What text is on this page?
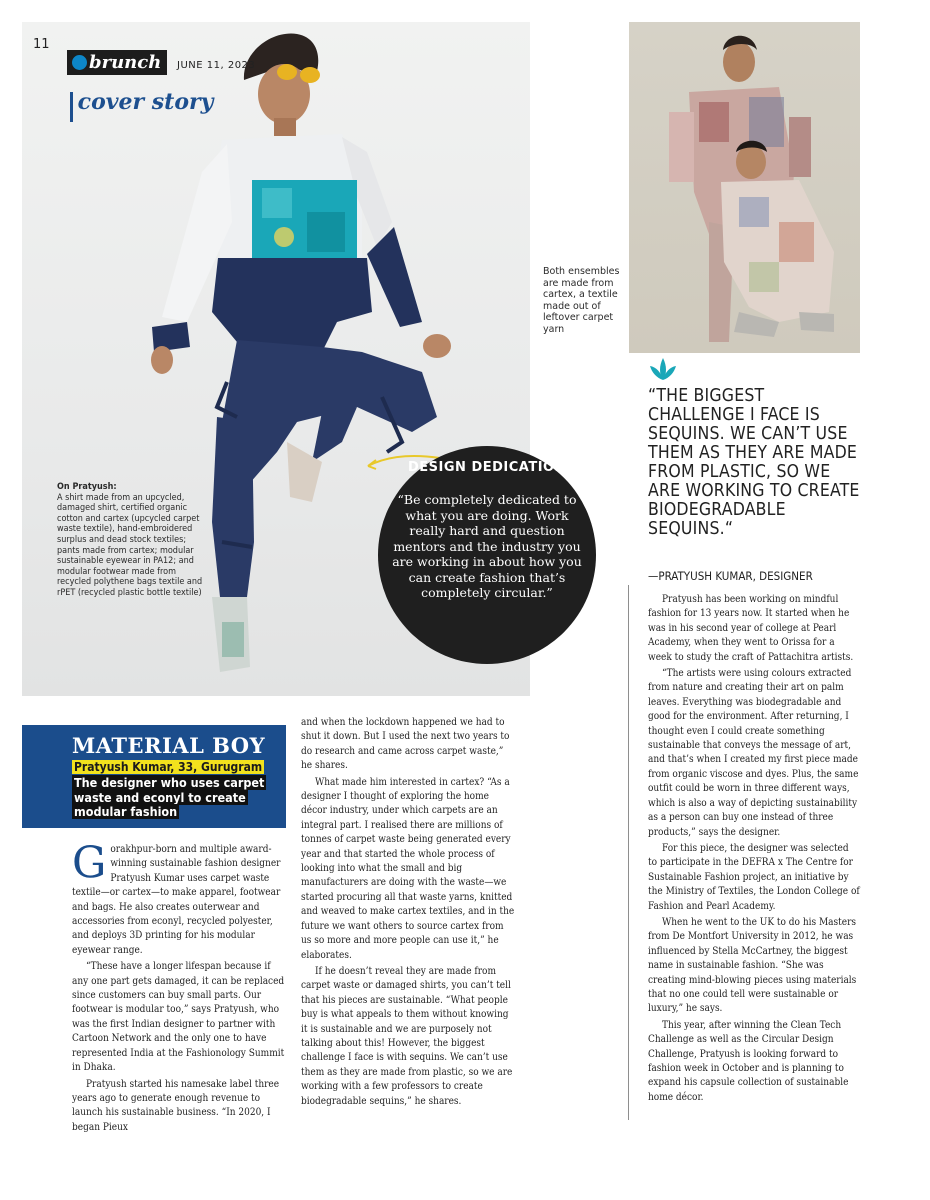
11
brunch JUNE 11, 2023
cover story
On Pratyush:
A shirt made from an upcycled, damaged shirt, certified organic cotton and cartex (upcycled carpet waste textile), hand-embroidered surplus and dead stock textiles; pants made from cartex; modular sustainable eyewear in PA12; and modular footwear made from recycled polythene bags textile and rPET (recycled plastic bottle textile)
DESIGN DEDICATION
“Be completely dedicated to what you are doing. Work really hard and question mentors and the industry you are working in about how you can create fashion that’s completely circular.”
Both ensembles are made from cartex, a textile made out of leftover carpet yarn
“THE BIGGEST CHALLENGE I FACE IS SEQUINS. WE CAN’T USE THEM AS THEY ARE MADE FROM PLASTIC, SO WE ARE WORKING TO CREATE BIODEGRADABLE SEQUINS.“
—PRATYUSH KUMAR, DESIGNER
MATERIAL BOY
Pratyush Kumar, 33, Gurugram
The designer who uses carpet waste and econyl to create modular fashion

Gorakhpur-born and multiple award-winning sustainable fashion designer Pratyush Kumar uses carpet waste textile—or cartex—to make apparel, footwear and bags. He also creates outerwear and accessories from econyl, recycled polyester, and deploys 3D printing for his modular eyewear range.

“These have a longer lifespan because if any one part gets damaged, it can be replaced since customers can buy small parts. Our footwear is modular too,” says Pratyush, who was the first Indian designer to partner with Cartoon Network and the only one to have represented India at the Fashionology Summit in Dhaka.

Pratyush started his namesake label three years ago to generate enough revenue to launch his sustainable business. “In 2020, I began Pieux

and when the lockdown happened we had to shut it down. But I used the next two years to do research and came across carpet waste,” he shares.

What made him interested in cartex? “As a designer I thought of exploring the home décor industry, under which carpets are an integral part. I realised there are millions of tonnes of carpet waste being generated every year and that started the whole process of looking into what the small and big manufacturers are doing with the waste—we started procuring all that waste yarns, knitted and weaved to make cartex textiles, and in the future we want others to source cartex from us so more and more people can use it,” he elaborates.

If he doesn’t reveal they are made from carpet waste or damaged shirts, you can’t tell that his pieces are sustainable. “What people buy is what appeals to them without knowing it is sustainable and we are purposely not talking about this! However, the biggest challenge I face is with sequins. We can’t use them as they are made from plastic, so we are working with a few professors to create biodegradable sequins,” he shares.

Pratyush has been working on mindful fashion for 13 years now. It started when he was in his second year of college at Pearl Academy, when they went to Orissa for a week to study the craft of Pattachitra artists.

“The artists were using colours extracted from nature and creating their art on palm leaves. Everything was biodegradable and good for the environment. After returning, I thought even I could create something sustainable that conveys the message of art, and that’s when I created my first piece made from organic viscose and dyes. Plus, the same outfit could be worn in three different ways, which is also a way of depicting sustainability as a person can buy one instead of three products,” says the designer.

For this piece, the designer was selected to participate in the DEFRA x The Centre for Sustainable Fashion project, an initiative by the Ministry of Textiles, the London College of Fashion and Pearl Academy.

When he went to the UK to do his Masters from De Montfort University in 2012, he was influenced by Stella McCartney, the biggest name in sustainable fashion. “She was creating mind-blowing pieces using materials that no one could tell were sustainable or luxury,” he says.

This year, after winning the Clean Tech Challenge as well as the Circular Design Challenge, Pratyush is looking forward to fashion week in October and is planning to expand his capsule collection of sustainable home décor.
